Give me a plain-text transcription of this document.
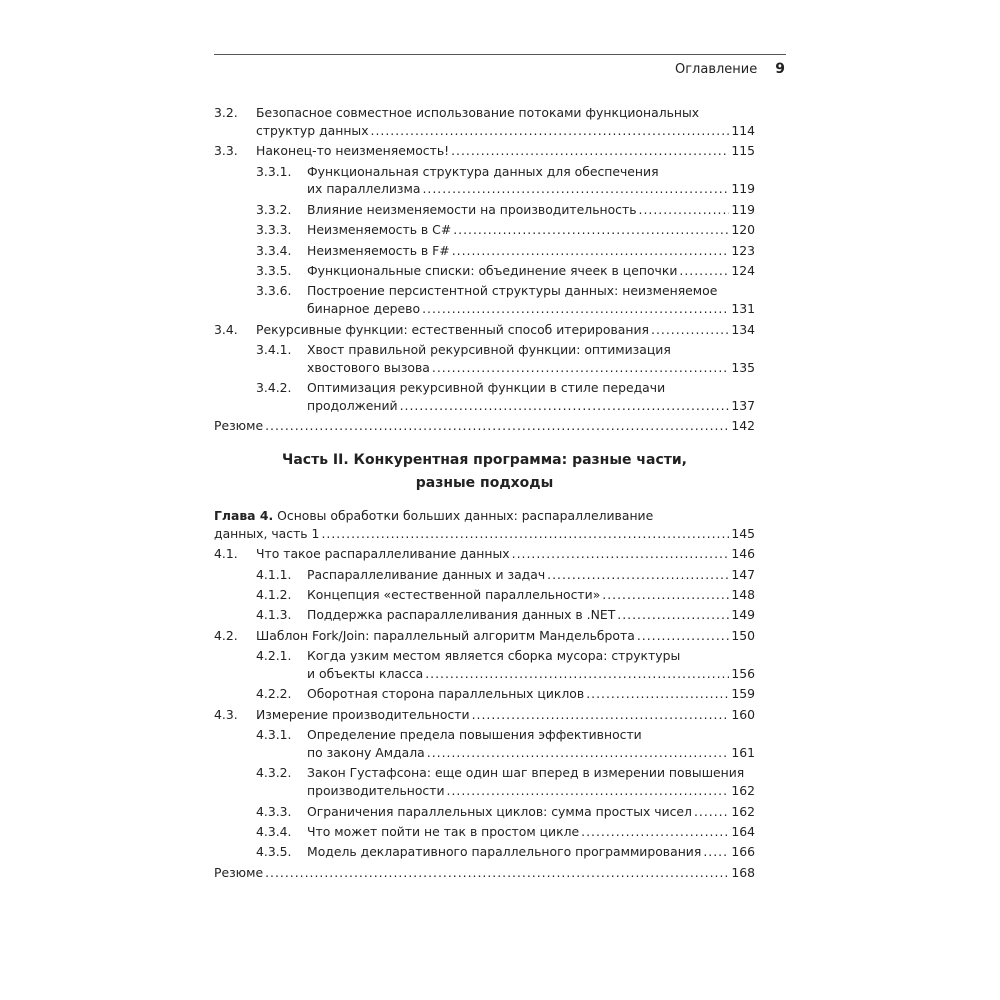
Оглавление 9
3.2.	Безопасное совместное использование потоками функциональных
структур данных .....	114
3.3.	Наконец-то неизменяемость! .....	115
3.3.1.	Функциональная структура данных для обеспечения
их параллелизма .....	119
3.3.2.	Влияние неизменяемости на производительность .....	119
3.3.3.	Неизменяемость в C# .....	120
3.3.4.	Неизменяемость в F# .....	123
3.3.5.	Функциональные списки: объединение ячеек в цепочки .....	124
3.3.6.	Построение персистентной структуры данных: неизменяемое
бинарное дерево .....	131
3.4.	Рекурсивные функции: естественный способ итерирования .....	134
3.4.1.	Хвост правильной рекурсивной функции: оптимизация
хвостового вызова .....	135
3.4.2.	Оптимизация рекурсивной функции в стиле передачи
продолжений .....	137
Резюме .....	142
Часть II. Конкурентная программа: разные части,
разные подходы
Глава 4. Основы обработки больших данных: распараллеливание
данных, часть 1 .....	145
4.1.	Что такое распараллеливание данных .....	146
4.1.1.	Распараллеливание данных и задач .....	147
4.1.2.	Концепция «естественной параллельности» .....	148
4.1.3.	Поддержка распараллеливания данных в .NET .....	149
4.2.	Шаблон Fork/Join: параллельный алгоритм Мандельброта .....	150
4.2.1.	Когда узким местом является сборка мусора: структуры
и объекты класса .....	156
4.2.2.	Оборотная сторона параллельных циклов .....	159
4.3.	Измерение производительности .....	160
4.3.1.	Определение предела повышения эффективности
по закону Амдала .....	161
4.3.2.	Закон Густафсона: еще один шаг вперед в измерении повышения
производительности .....	162
4.3.3.	Ограничения параллельных циклов: сумма простых чисел .....	162
4.3.4.	Что может пойти не так в простом цикле .....	164
4.3.5.	Модель декларативного параллельного программирования ..... 166
Резюме .....	168
